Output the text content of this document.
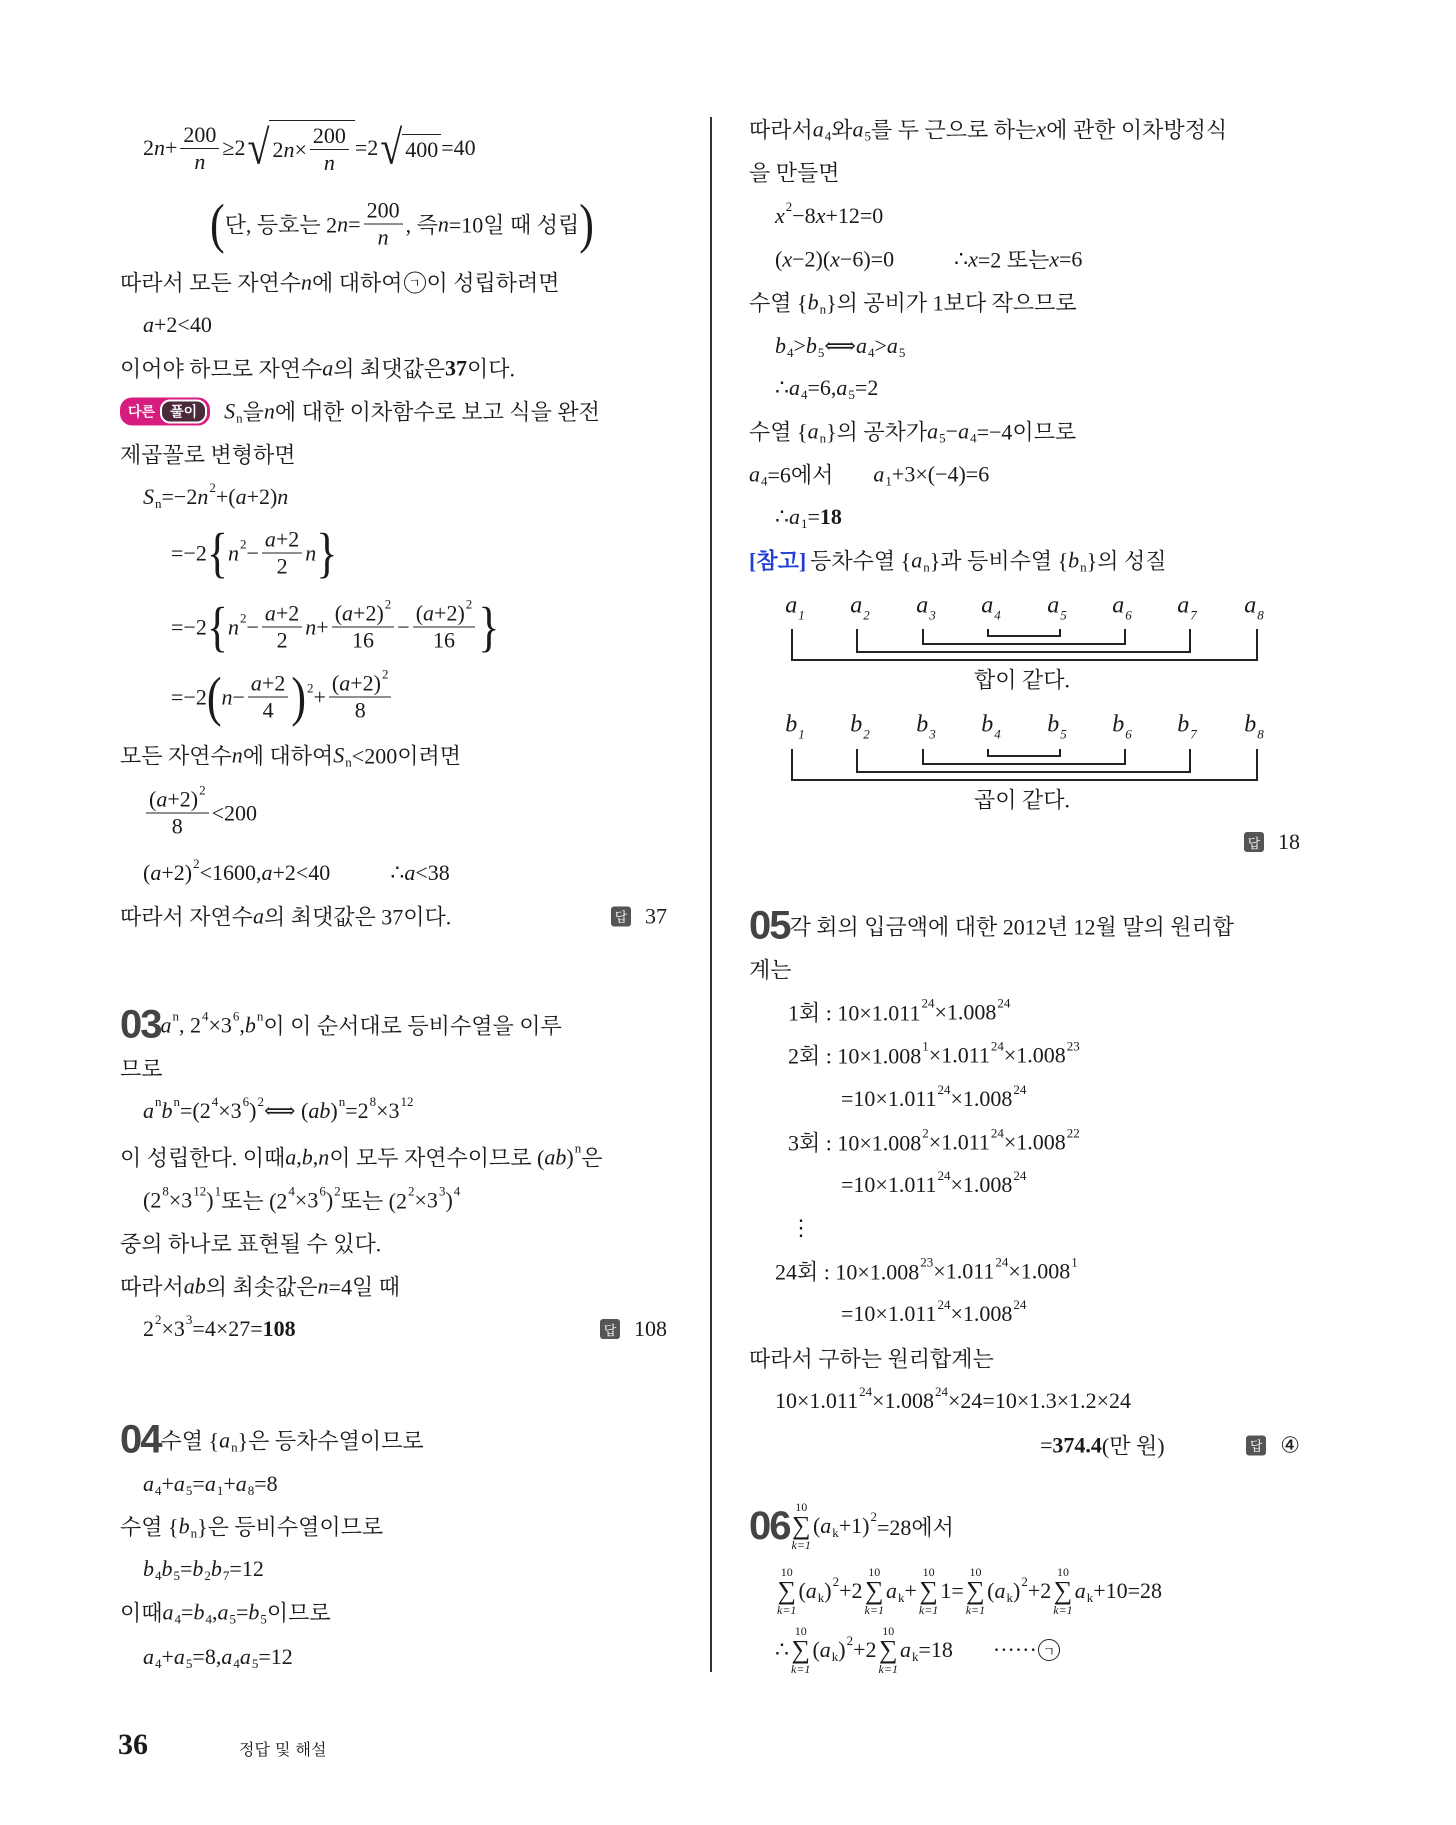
2 $n + \frac{200}{n} \ge 2$ √ 2 $n \times \frac{200}{n} =2$ √ 400 =40
( 단, 등호는 2 $n = \frac{200}{n}$ , 즉 n =10일 때 성립 )
따라서 모든 자연수 n 에 대하여 ㄱ 이 성립하려면
a +2<40
이어야 하므로 자연수 a 의 최댓값은 37 이다.
다른	풀이	S n 을 n 에 대한 이차함수로 보고 식을 완전
제곱꼴로 변형하면
S n =−2 n 2 +( a +2) n
=−2 { n $2 - \frac{a +2}{2}$ n }
=−2 { n $2 - \frac{a +2}{2}$ $n + \frac{( a +2) 2}{16} - \frac{( a +2) 2}{16}$ }
=−2 ( $n - \frac{a +2}{4}$ ) $2 + \frac{( a +2) 2}{8}$
모든 자연수 n 에 대하여 S n <200이려면
$\frac{( a +2) 2}{8} <200$
( a +2) 2 <1600, a +2<40	∴ a <38
따라서 자연수 a 의 최댓값은 37이다.	답 37
03 a n , 2 4 ×3 6 , b n 이 이 순서대로 등비수열을 이루
므로
a n b n =(2 4 ×3 6 ) 2 ⟺ ( ab ) n =2 8 ×3 12
이 성립한다. 이때 a , b , n 이 모두 자연수이므로 ( ab ) n 은
(2 8 ×3 12 ) 1 또는 (2 4 ×3 6 ) 2 또는 (2 2 ×3 3 ) 4
중의 하나로 표현될 수 있다.
따라서 ab 의 최솟값은 n =4일 때
2 2 ×3 3 =4×27= 108	답 108
04 수열 { a n }은 등차수열이므로
a 4 + a 5 = a 1 + a 8 =8
수열 { b n }은 등비수열이므로
b 4 b 5 = b 2 b 7 =12
이때 a 4 = b 4 , a 5 = b 5 이므로
a 4 + a 5 =8, a 4 a 5 =12
따라서 a 4 와 a 5 를 두 근으로 하는 x 에 관한 이차방정식
을 만들면
x 2 −8 x +12=0
( x −2)( x −6)=0	∴ x =2 또는 x =6
수열 { b n }의 공비가 1보다 작으므로
b 4 > b 5 ⟺ a 4 > a 5
∴ a 4 =6, a 5 =2
수열 { a n }의 공차가 a 5 − a 4 =−4이므로
a 4 =6에서 a 1 +3×(−4)=6
∴ a 1 = 18
[참고] 등차수열 { a n }과 등비수열 { b n }의 성질
답 18
05 각 회의 입금액에 대한 2012년 12월 말의 원리합
계는
1회 : 10×1.011 24 ×1.008 24
2회 : 10×1.008 1 ×1.011 24 ×1.008 23
=10×1.011 24 ×1.008 24
3회 : 10×1.008 2 ×1.011 24 ×1.008 22
=10×1.011 24 ×1.008 24
⋮
24회 : 10×1.008 23 ×1.011 24 ×1.008 1
=10×1.011 24 ×1.008 24
따라서 구하는 원리합계는
10×1.011 24 ×1.008 24 ×24=10×1.3×1.2×24
= 374.4 (만 원)	답 ④
06 10
∑
k=1
( a k +1) 2 =28에서
10
∑
k=1
( a k ) 2 +2
10
∑
k=1
a k +
10
∑
k=1
1=
10
∑
k=1
( a k ) 2 +2
10
∑
k=1
a k +10=28
∴
10
∑
k=1
( a k ) 2 +2
10
∑
k=1
a k =18 ······ ㄱ
$a_1$ $a_2$ $a_3$ $a_4$ $a_5$ $a_6$ $a_7$ $a_8$
합이 같다.
$b_1$ $b_2$ $b_3$ $b_4$ $b_5$ $b_6$ $b_7$ $b_8$
곱이 같다.
36	정답 및 해설
